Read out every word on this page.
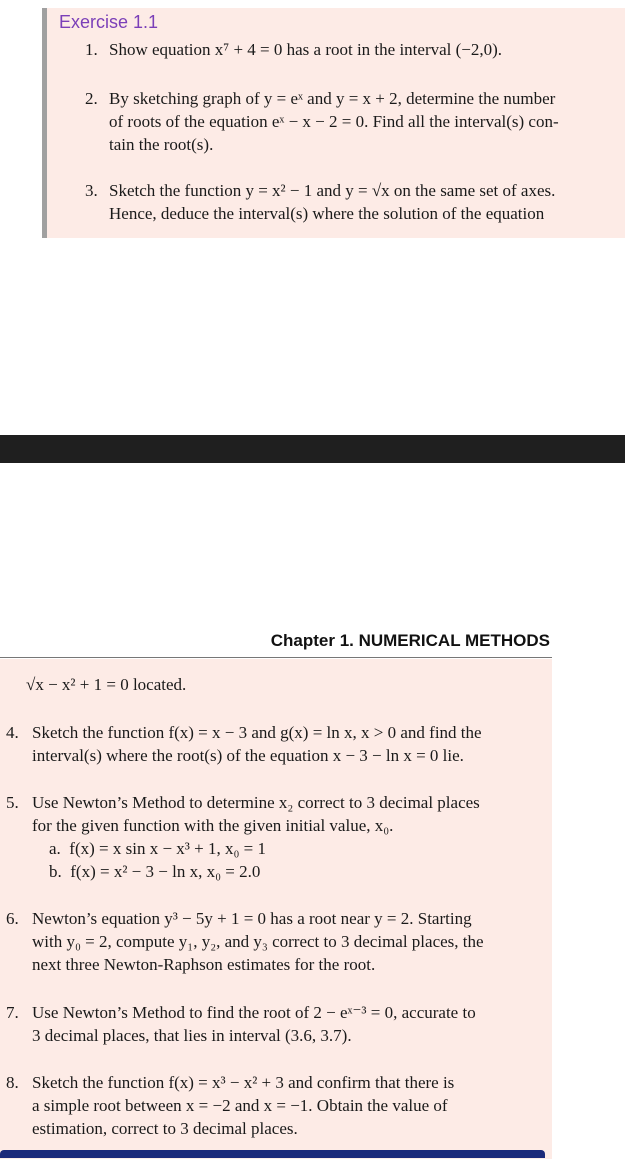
Exercise 1.1
1. Show equation x⁷ + 4 = 0 has a root in the interval (−2,0).
2. By sketching graph of y = eˣ and y = x + 2, determine the number
of roots of the equation eˣ − x − 2 = 0. Find all the interval(s) con-
tain the root(s).
3. Sketch the function y = x² − 1 and y = √x on the same set of axes.
Hence, deduce the interval(s) where the solution of the equation
Chapter 1. NUMERICAL METHODS
√x − x² + 1 = 0 located.
4. Sketch the function f(x) = x − 3 and g(x) = ln x, x > 0 and find the
interval(s) where the root(s) of the equation x − 3 − ln x = 0 lie.
5. Use Newton’s Method to determine x₂ correct to 3 decimal places
for the given function with the given initial value, x₀.
a.  f(x) = x sin x − x³ + 1, x₀ = 1
b.  f(x) = x² − 3 − ln x, x₀ = 2.0
6. Newton’s equation y³ − 5y + 1 = 0 has a root near y = 2. Starting
with y₀ = 2, compute y₁, y₂, and y₃ correct to 3 decimal places, the
next three Newton-Raphson estimates for the root.
7. Use Newton’s Method to find the root of 2 − eˣ⁻³ = 0, accurate to
3 decimal places, that lies in interval (3.6, 3.7).
8. Sketch the function f(x) = x³ − x² + 3 and confirm that there is
a simple root between x = −2 and x = −1. Obtain the value of
estimation, correct to 3 decimal places.
